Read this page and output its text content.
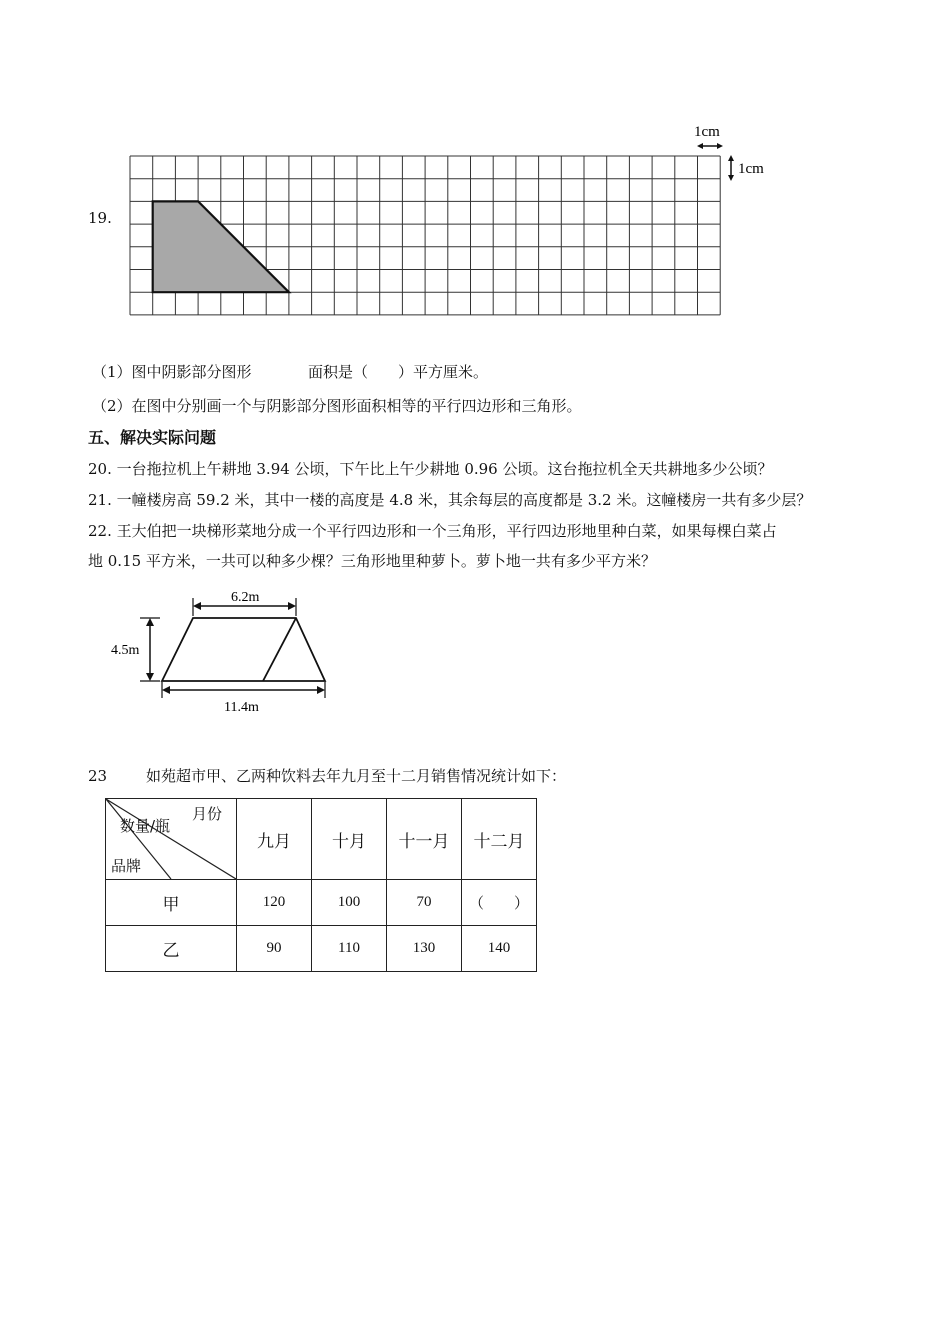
19.
1cm
1cm
（1）图中阴影部分图形	面积是（　　）平方厘米。
（2）在图中分别画一个与阴影部分图形面积相等的平行四边形和三角形。
五、解决实际问题
20. 一台拖拉机上午耕地 3.94 公顷，下午比上午少耕地 0.96 公顷。这台拖拉机全天共耕地多少公顷？
21. 一幢楼房高 59.2 米，其中一楼的高度是 4.8 米，其余每层的高度都是 3.2 米。这幢楼房一共有多少层？
22. 王大伯把一块梯形菜地分成一个平行四边形和一个三角形，平行四边形地里种白菜，如果每棵白菜占
地 0.15 平方米，一共可以种多少棵？三角形地里种萝卜。萝卜地一共有多少平方米？
6.2m
4.5m
11.4m
23	如苑超市甲、乙两种饮料去年九月至十二月销售情况统计如下：
月份
数量/瓶
品牌	九月	十月	十一月	十二月
甲	120	100	70	（　　）
乙	90	110	130	140
